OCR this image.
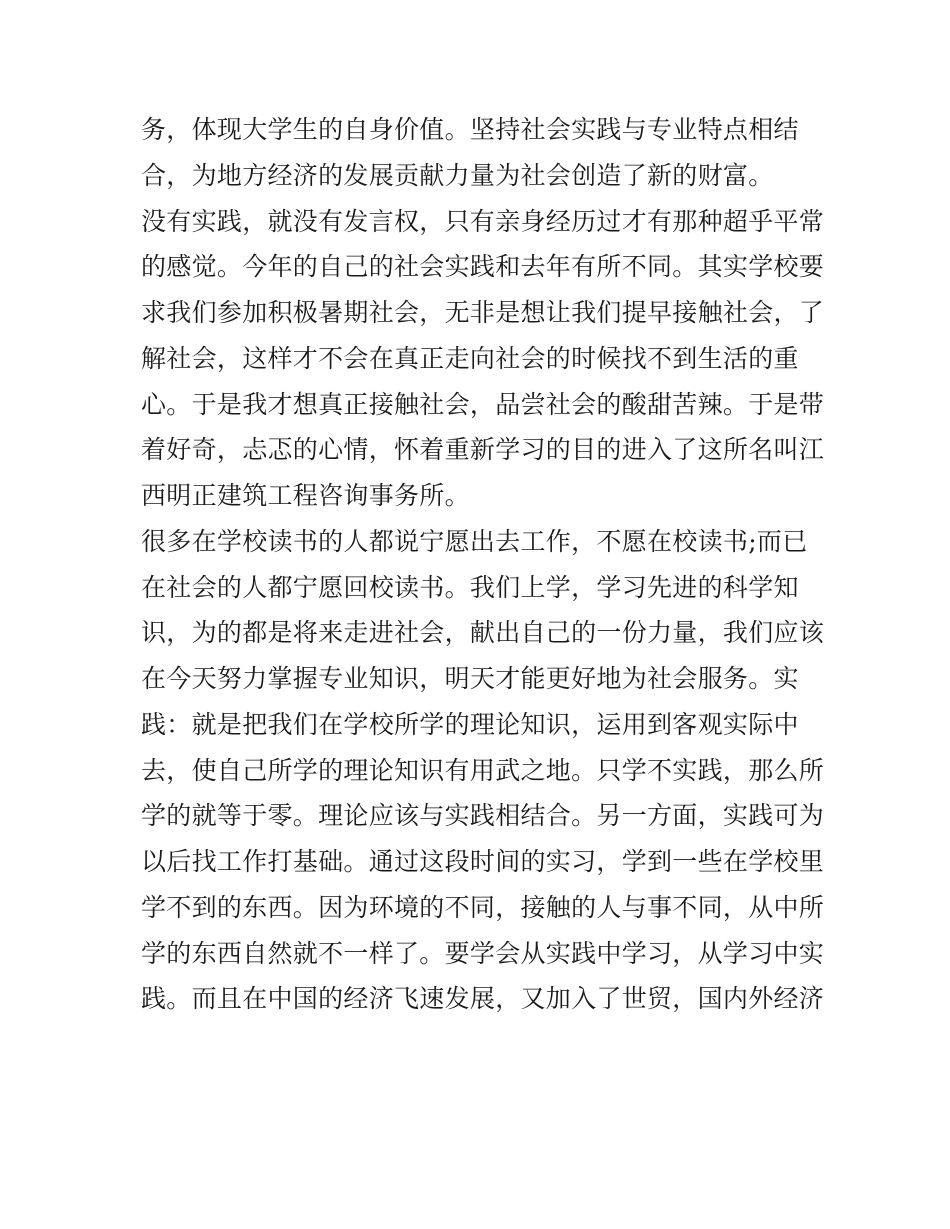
务，体现大学生的自身价值。坚持社会实践与专业特点相结
合，为地方经济的发展贡献力量为社会创造了新的财富。
没有实践，就没有发言权，只有亲身经历过才有那种超乎平常
的感觉。今年的自己的社会实践和去年有所不同。其实学校要
求我们参加积极暑期社会，无非是想让我们提早接触社会，了
解社会，这样才不会在真正走向社会的时候找不到生活的重
心。于是我才想真正接触社会，品尝社会的酸甜苦辣。于是带
着好奇，忐忑的心情，怀着重新学习的目的进入了这所名叫江
西明正建筑工程咨询事务所。
很多在学校读书的人都说宁愿出去工作，不愿在校读书;而已
在社会的人都宁愿回校读书。我们上学，学习先进的科学知
识，为的都是将来走进社会，献出自己的一份力量，我们应该
在今天努力掌握专业知识，明天才能更好地为社会服务。实
践：就是把我们在学校所学的理论知识，运用到客观实际中
去，使自己所学的理论知识有用武之地。只学不实践，那么所
学的就等于零。理论应该与实践相结合。另一方面，实践可为
以后找工作打基础。通过这段时间的实习，学到一些在学校里
学不到的东西。因为环境的不同，接触的人与事不同，从中所
学的东西自然就不一样了。要学会从实践中学习，从学习中实
践。而且在中国的经济飞速发展，又加入了世贸，国内外经济
